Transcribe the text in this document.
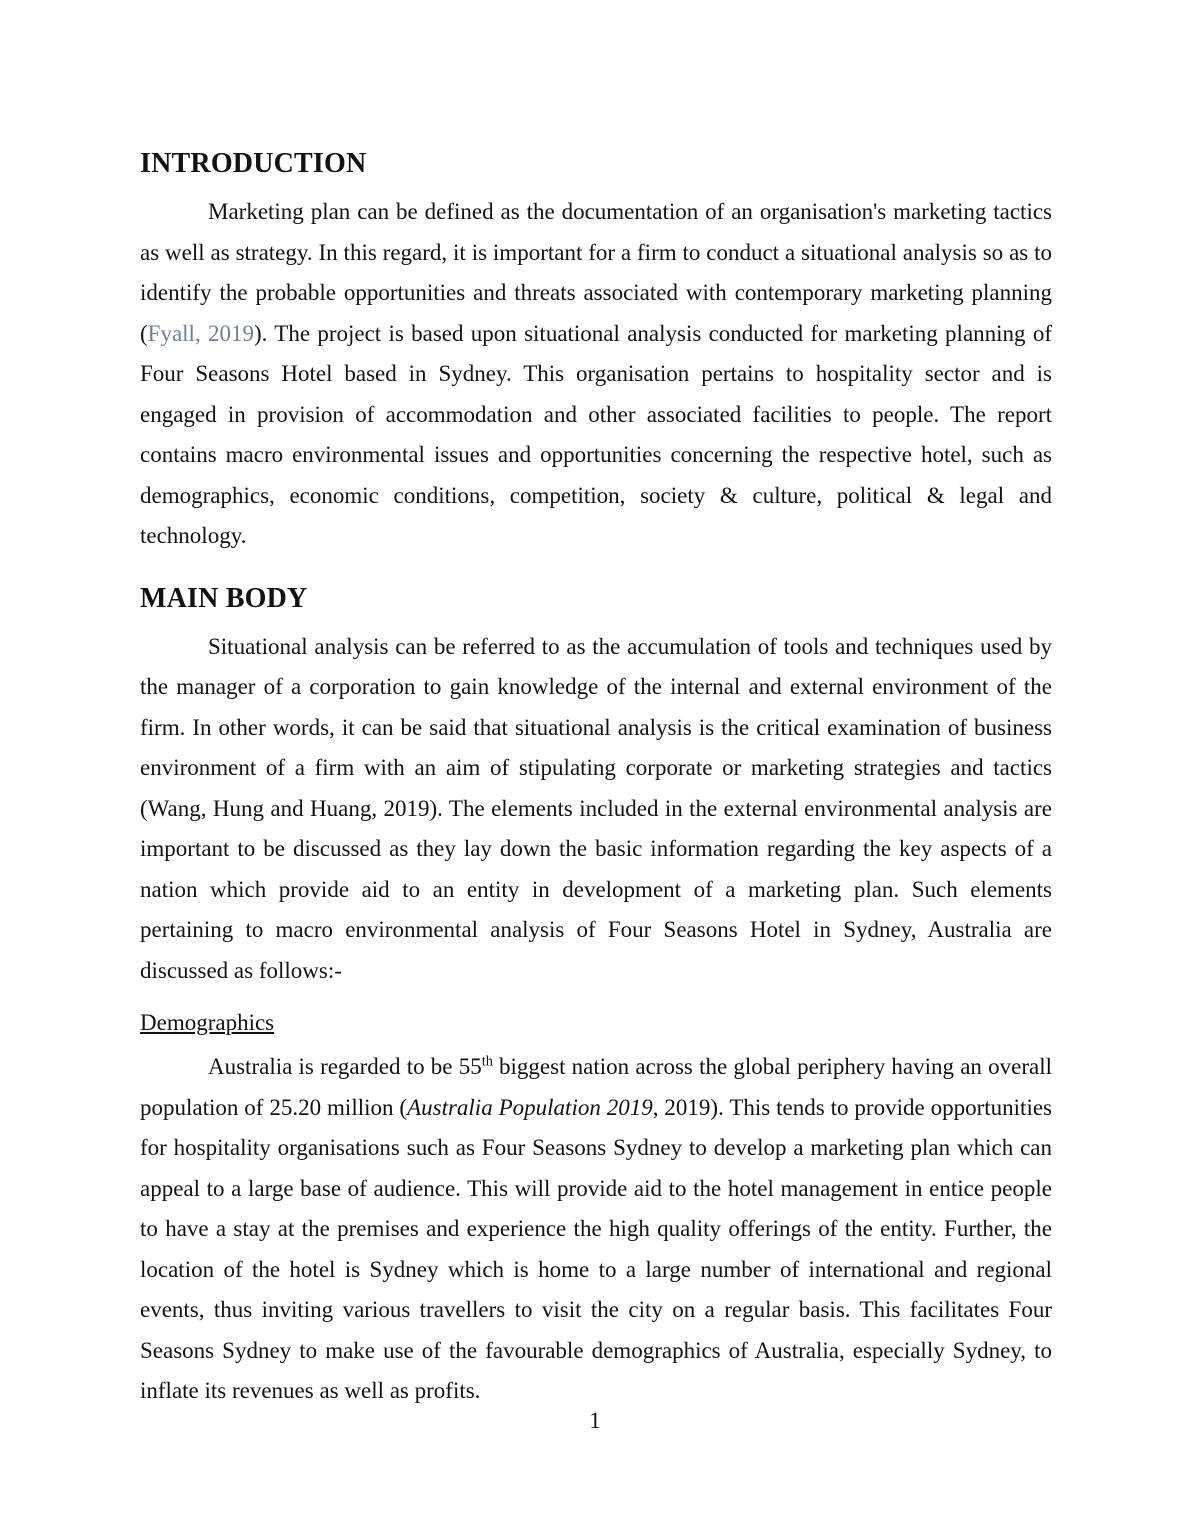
INTRODUCTION

Marketing plan can be defined as the documentation of an organisation's marketing tactics as well as strategy. In this regard, it is important for a firm to conduct a situational analysis so as to identify the probable opportunities and threats associated with contemporary marketing planning (Fyall, 2019). The project is based upon situational analysis conducted for marketing planning of Four Seasons Hotel based in Sydney. This organisation pertains to hospitality sector and is engaged in provision of accommodation and other associated facilities to people. The report contains macro environmental issues and opportunities concerning the respective hotel, such as demographics, economic conditions, competition, society & culture, political & legal and technology.

MAIN BODY

Situational analysis can be referred to as the accumulation of tools and techniques used by the manager of a corporation to gain knowledge of the internal and external environment of the firm. In other words, it can be said that situational analysis is the critical examination of business environment of a firm with an aim of stipulating corporate or marketing strategies and tactics (Wang, Hung and Huang, 2019). The elements included in the external environmental analysis are important to be discussed as they lay down the basic information regarding the key aspects of a nation which provide aid to an entity in development of a marketing plan. Such elements pertaining to macro environmental analysis of Four Seasons Hotel in Sydney, Australia are discussed as follows:-

Demographics

Australia is regarded to be 55th biggest nation across the global periphery having an overall population of 25.20 million (Australia Population 2019, 2019). This tends to provide opportunities for hospitality organisations such as Four Seasons Sydney to develop a marketing plan which can appeal to a large base of audience. This will provide aid to the hotel management in entice people to have a stay at the premises and experience the high quality offerings of the entity. Further, the location of the hotel is Sydney which is home to a large number of international and regional events, thus inviting various travellers to visit the city on a regular basis. This facilitates Four Seasons Sydney to make use of the favourable demographics of Australia, especially Sydney, to inflate its revenues as well as profits.

1
